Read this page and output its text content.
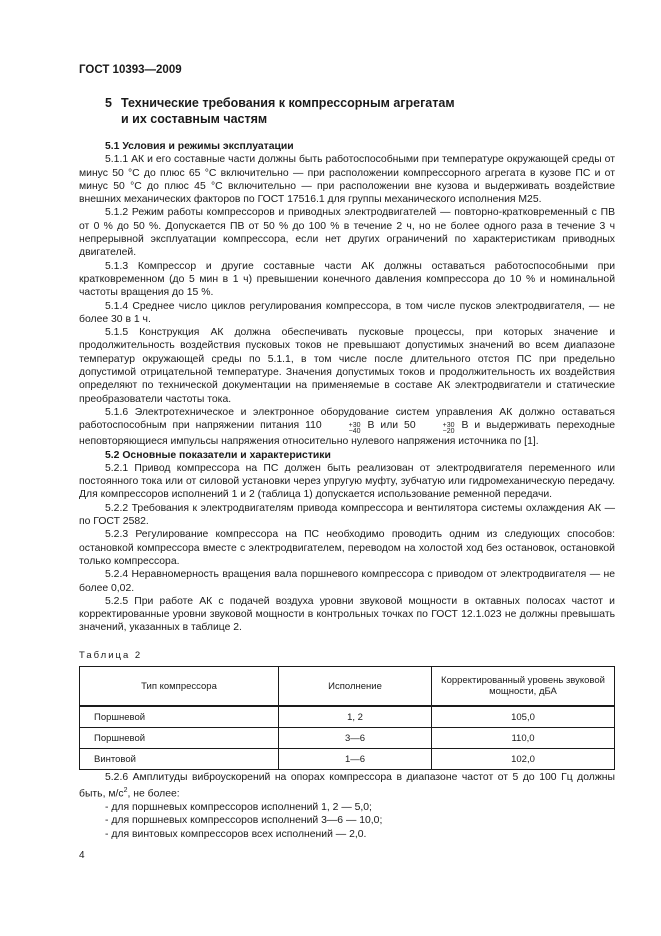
ГОСТ 10393—2009
5 Технические требования к компрессорным агрегатам
и их составным частям

5.1 Условия и режимы эксплуатации

5.1.1 АК и его составные части должны быть работоспособными при температуре окружающей среды от минус 50 °С до плюс 65 °С включительно — при расположении компрессорного агрегата в кузове ПС и от минус 50 °С до плюс 45 °С включительно — при расположении вне кузова и выдерживать воздействие внешних механических факторов по ГОСТ 17516.1 для группы механического исполнения М25.

5.1.2 Режим работы компрессоров и приводных электродвигателей — повторно-кратковременный с ПВ от 0 % до 50 %. Допускается ПВ от 50 % до 100 % в течение 2 ч, но не более одного раза в течение 3 ч непрерывной эксплуатации компрессора, если нет других ограничений по характеристикам приводных двигателей.

5.1.3 Компрессор и другие составные части АК должны оставаться работоспособными при кратковременном (до 5 мин в 1 ч) превышении конечного давления компрессора до 10 % и номинальной частоты вращения до 15 %.

5.1.4 Среднее число циклов регулирования компрессора, в том числе пусков электродвигателя, — не более 30 в 1 ч.

5.1.5 Конструкция АК должна обеспечивать пусковые процессы, при которых значение и продолжительность воздействия пусковых токов не превышают допустимых значений во всем диапазоне температур окружающей среды по 5.1.1, в том числе после длительного отстоя ПС при предельно допустимой отрицательной температуре. Значения допустимых токов и продолжительность их воздействия определяют по технической документации на применяемые в составе АК электродвигатели и статические преобразователи частоты тока.

5.1.6 Электротехническое и электронное оборудование систем управления АК должно оставаться работоспособным при напряжении питания 110	+30
−40
В или 50	+30
−20
В и выдерживать переходные неповторяющиеся импульсы напряжения относительно нулевого напряжения источника по [1].

5.2 Основные показатели и характеристики

5.2.1 Привод компрессора на ПС должен быть реализован от электродвигателя переменного или постоянного тока или от силовой установки через упругую муфту, зубчатую или гидромеханическую передачу. Для компрессоров исполнений 1 и 2 (таблица 1) допускается использование ременной передачи.

5.2.2 Требования к электродвигателям привода компрессора и вентилятора системы охлаждения АК — по ГОСТ 2582.

5.2.3 Регулирование компрессора на ПС необходимо проводить одним из следующих способов: остановкой компрессора вместе с электродвигателем, переводом на холостой ход без остановок, остановкой только компрессора.

5.2.4 Неравномерность вращения вала поршневого компрессора с приводом от электродвигателя — не более 0,02.

5.2.5 При работе АК с подачей воздуха уровни звуковой мощности в октавных полосах частот и корректированные уровни звуковой мощности в контрольных точках по ГОСТ 12.1.023 не должны превышать значений, указанных в таблице 2.

Таблица 2
Тип компрессора	Исполнение	Корректированный уровень звуковой мощности, дБА
Поршневой	1, 2	105,0
Поршневой	3—6	110,0
Винтовой	1—6	102,0

5.2.6 Амплитуды виброускорений на опорах компрессора в диапазоне частот от 5 до 100 Гц должны быть, $м/с^2$, не более:

- для поршневых компрессоров исполнений 1, 2 — 5,0;
- для поршневых компрессоров исполнений 3—6 — 10,0;
- для винтовых компрессоров всех исполнений — 2,0.
4
